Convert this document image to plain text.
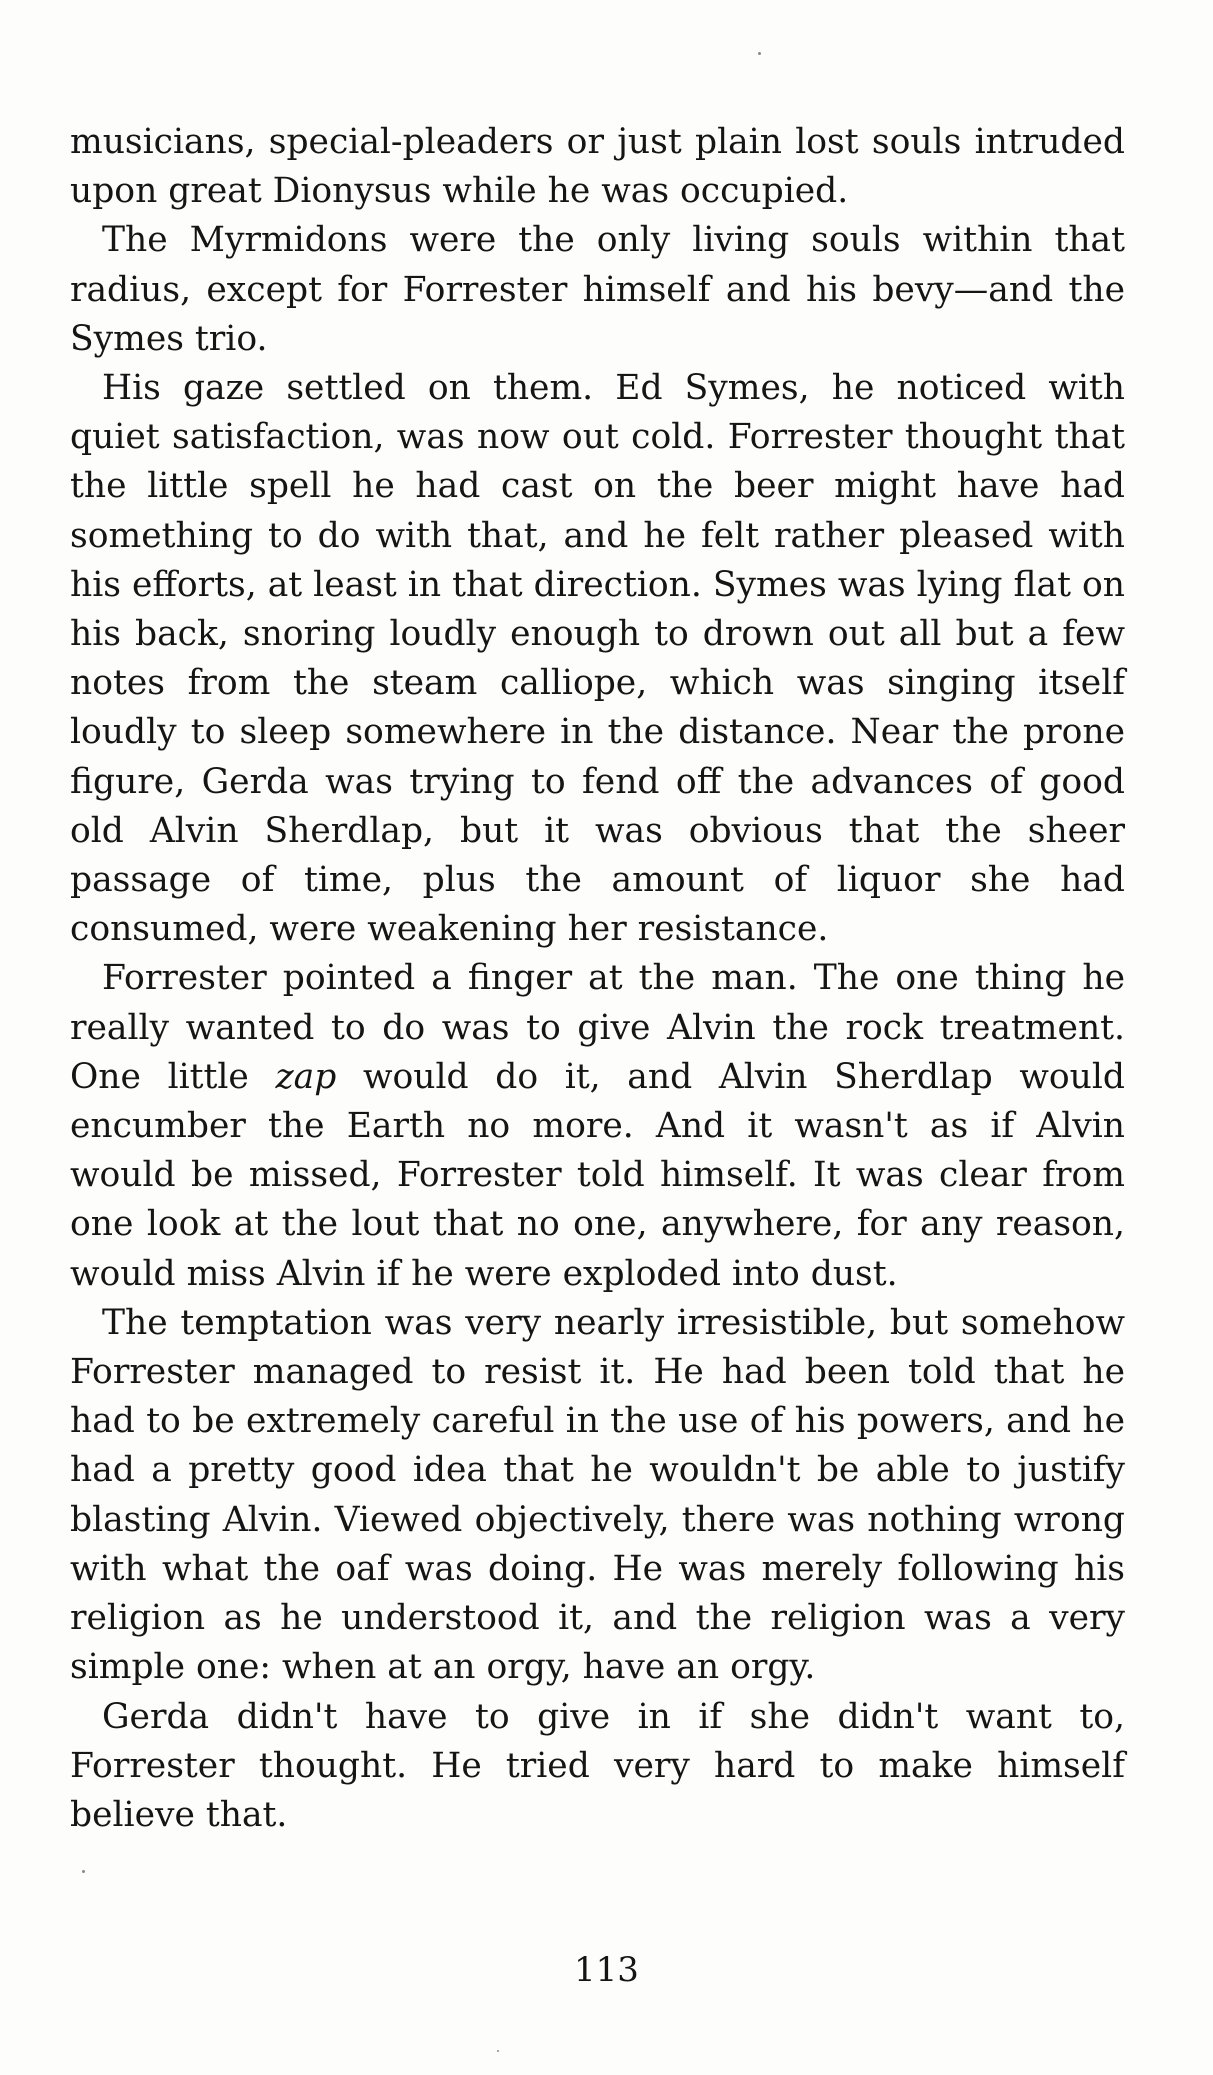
musicians, special-pleaders or just plain lost souls intruded upon great Dionysus while he was occupied.

The Myrmidons were the only living souls within that radius, except for Forrester himself and his bevy—and the Symes trio.

His gaze settled on them. Ed Symes, he noticed with quiet satisfaction, was now out cold. Forrester thought that the little spell he had cast on the beer might have had something to do with that, and he felt rather pleased with his efforts, at least in that direction. Symes was lying flat on his back, snoring loudly enough to drown out all but a few notes from the steam calliope, which was singing itself loudly to sleep somewhere in the distance. Near the prone figure, Gerda was trying to fend off the advances of good old Alvin Sherdlap, but it was obvious that the sheer passage of time, plus the amount of liquor she had consumed, were weakening her resistance.

Forrester pointed a finger at the man. The one thing he really wanted to do was to give Alvin the rock treatment. One little zap would do it, and Alvin Sherdlap would encumber the Earth no more. And it wasn't as if Alvin would be missed, Forrester told himself. It was clear from one look at the lout that no one, anywhere, for any reason, would miss Alvin if he were exploded into dust.

The temptation was very nearly irresistible, but somehow Forrester managed to resist it. He had been told that he had to be extremely careful in the use of his powers, and he had a pretty good idea that he wouldn't be able to justify blasting Alvin. Viewed objectively, there was nothing wrong with what the oaf was doing. He was merely following his religion as he understood it, and the religion was a very simple one: when at an orgy, have an orgy.

Gerda didn't have to give in if she didn't want to, Forrester thought. He tried very hard to make himself believe that.

113
